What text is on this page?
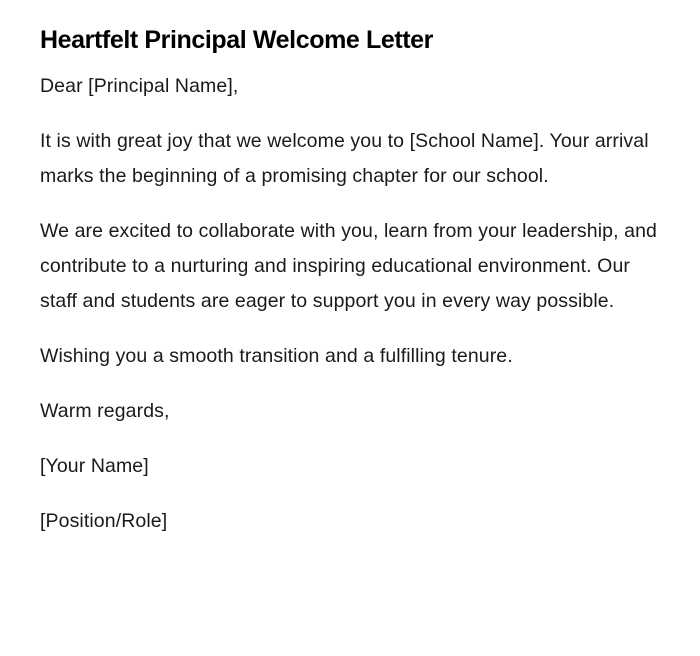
Heartfelt Principal Welcome Letter

Dear [Principal Name],

It is with great joy that we welcome you to [School Name]. Your arrival marks the beginning of a promising chapter for our school.

We are excited to collaborate with you, learn from your leadership, and contribute to a nurturing and inspiring educational environment. Our staff and students are eager to support you in every way possible.

Wishing you a smooth transition and a fulfilling tenure.

Warm regards,

[Your Name]

[Position/Role]
